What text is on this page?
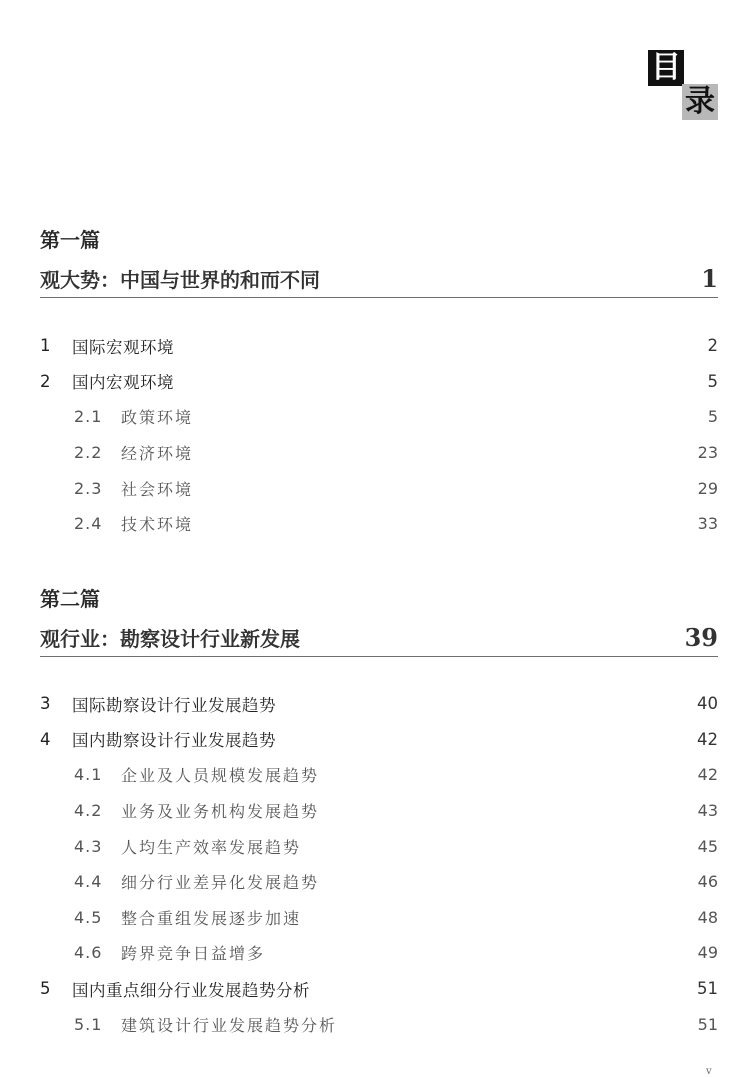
目
录
第一篇
观大势：中国与世界的和而不同	1
1	国际宏观环境	2
2	国内宏观环境	5
2.1	政策环境	5
2.2	经济环境	23
2.3	社会环境	29
2.4	技术环境	33
第二篇
观行业：勘察设计行业新发展	39
3	国际勘察设计行业发展趋势	40
4	国内勘察设计行业发展趋势	42
4.1	企业及人员规模发展趋势	42
4.2	业务及业务机构发展趋势	43
4.3	人均生产效率发展趋势	45
4.4	细分行业差异化发展趋势	46
4.5	整合重组发展逐步加速	48
4.6	跨界竞争日益增多	49
5	国内重点细分行业发展趋势分析	51
5.1	建筑设计行业发展趋势分析	51
v
